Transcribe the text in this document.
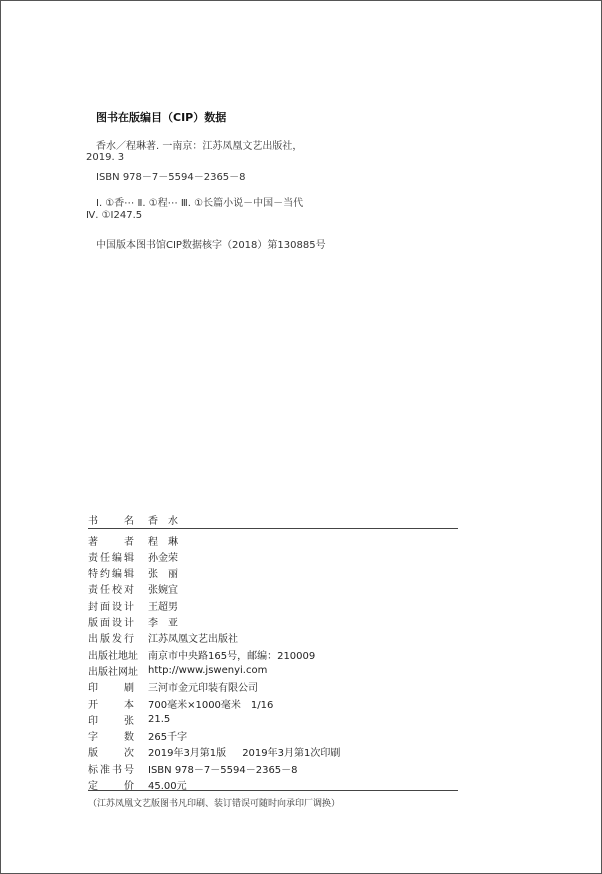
图书在版编目（CIP）数据
香水／程琳著. 一南京：江苏凤凰文艺出版社，
2019. 3
ISBN 978－7－5594－2365－8
Ⅰ. ①香⋯ Ⅱ. ①程⋯ Ⅲ. ①长篇小说－中国－当代
Ⅳ. ①I247.5
中国版本图书馆CIP数据核字（2018）第130885号
书　　名 香　水
著　　者 程　琳
责任编辑 孙金荣
特约编辑 张　丽
责任校对 张婉宜
封面设计 王超男
版面设计 李　亚
出版发行 江苏凤凰文艺出版社
出版社地址 南京市中央路165号，邮编：210009
出版社网址 http://www.jswenyi.com
印　　刷 三河市金元印装有限公司
开　　本 700毫米×1000毫米　1/16
印　　张 21.5
字　　数 265千字
版　　次 2019年3月第1版 2019年3月第1次印刷
标准书号 ISBN 978－7－5594－2365－8
定　　价 45.00元
（江苏凤凰文艺版图书凡印刷、装订错误可随时向承印厂调换）
